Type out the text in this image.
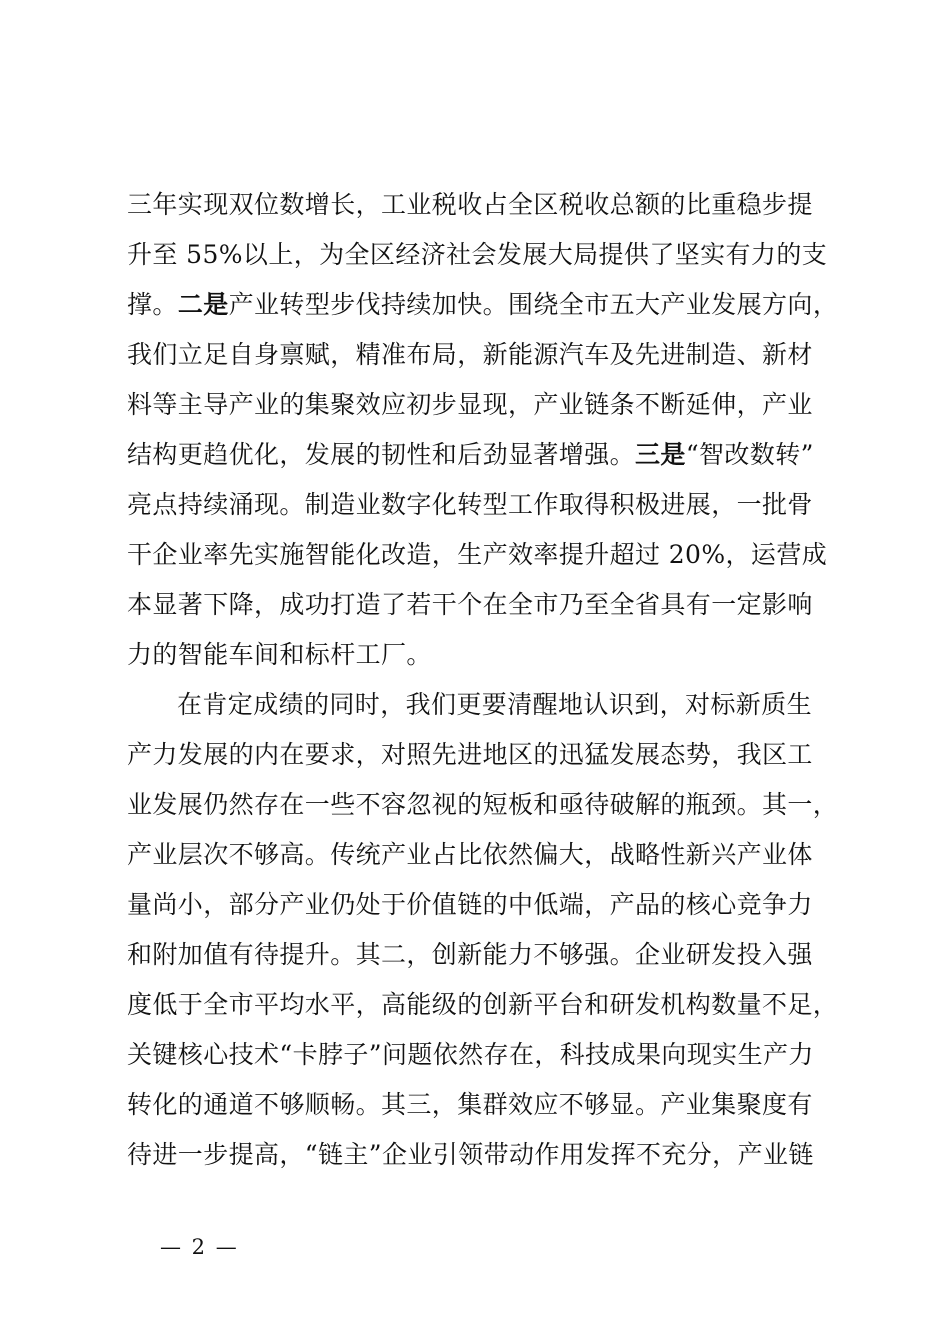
三年实现双位数增长，工业税收占全区税收总额的比重稳步提
升至 55%以上，为全区经济社会发展大局提供了坚实有力的支
撑。二是产业转型步伐持续加快。围绕全市五大产业发展方向，
我们立足自身禀赋，精准布局，新能源汽车及先进制造、新材
料等主导产业的集聚效应初步显现，产业链条不断延伸，产业
结构更趋优化，发展的韧性和后劲显著增强。三是“智改数转”
亮点持续涌现。制造业数字化转型工作取得积极进展，一批骨
干企业率先实施智能化改造，生产效率提升超过 20%，运营成
本显著下降，成功打造了若干个在全市乃至全省具有一定影响
力的智能车间和标杆工厂。
在肯定成绩的同时，我们更要清醒地认识到，对标新质生
产力发展的内在要求，对照先进地区的迅猛发展态势，我区工
业发展仍然存在一些不容忽视的短板和亟待破解的瓶颈。其一，
产业层次不够高。传统产业占比依然偏大，战略性新兴产业体
量尚小，部分产业仍处于价值链的中低端，产品的核心竞争力
和附加值有待提升。其二，创新能力不够强。企业研发投入强
度低于全市平均水平，高能级的创新平台和研发机构数量不足，
关键核心技术“卡脖子”问题依然存在，科技成果向现实生产力
转化的通道不够顺畅。其三，集群效应不够显。产业集聚度有
待进一步提高，“链主”企业引领带动作用发挥不充分，产业链
— 2 —
